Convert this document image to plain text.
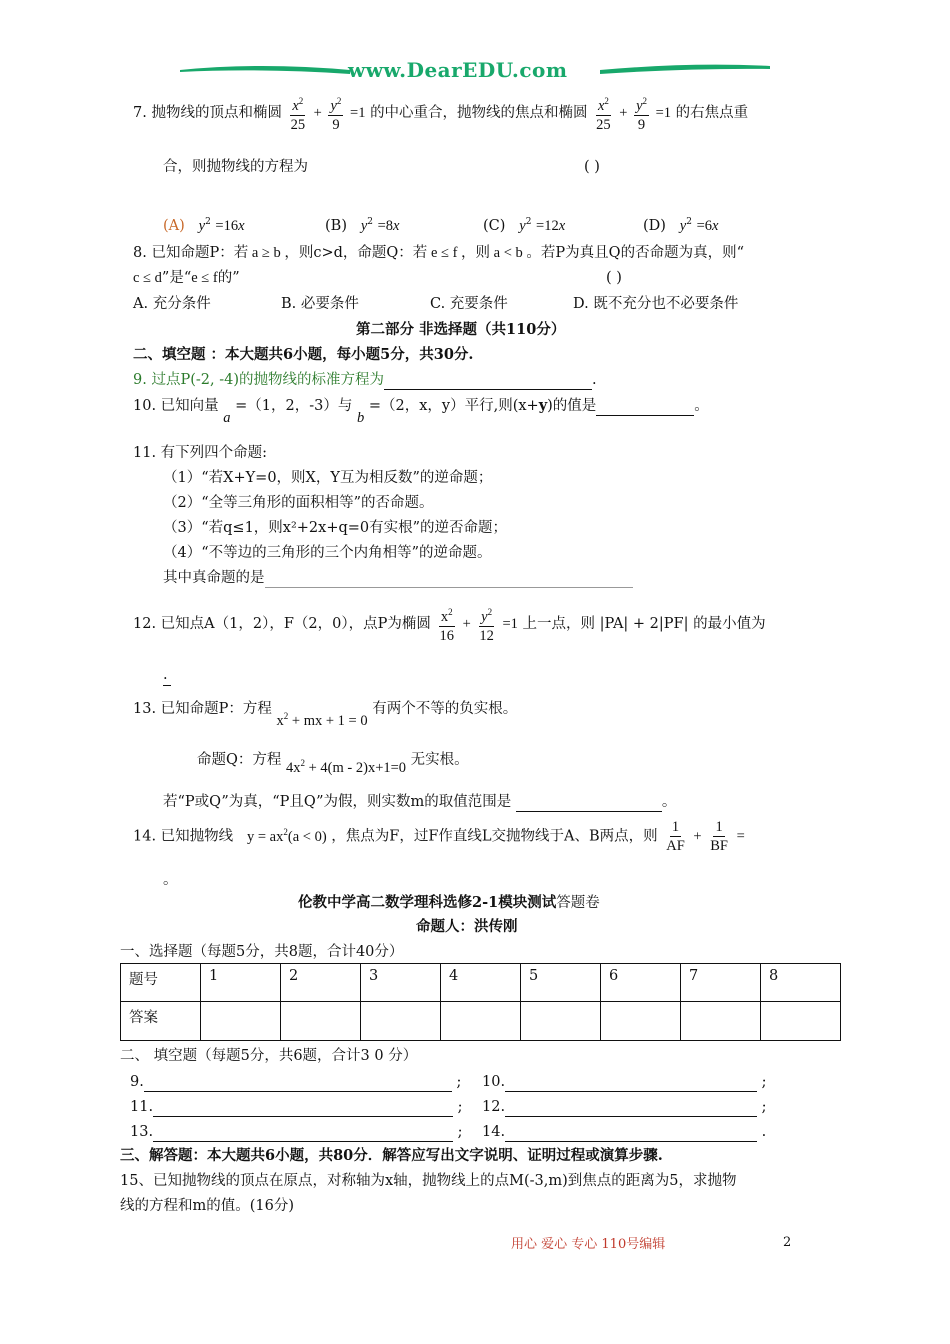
www.DearEDU.com
7. 抛物线的顶点和椭圆 $\frac{x^2}{25} + \frac{y^2}{9} =1$ 的中心重合，抛物线的焦点和椭圆 $\frac{x^2}{25} + \frac{y^2}{9} =1$ 的右焦点重
合，则抛物线的方程为	( )
(A) $y^2 =16x$	(B) $y^2 =8x$	(C) $y^2 =12x$	(D) $y^2 =6x$
8. 已知命题P：若 a ≥ b ，则c>d，命题Q：若 e ≤ f ，则 a < b 。若P为真且Q的否命题为真，则“
c ≤ d”是“e ≤ f的”	( )
A. 充分条件	B. 必要条件	C. 充要条件	D. 既不充分也不必要条件
第二部分 非选择题（共110分）
二、填空题 ：本大题共6小题，每小题5分，共30分.
9. 过点P(-2, -4)的抛物线的标准方程为	.
10. 已知向量 a =（1，2，-3）与 b =（2，x，y）平行,则(x+y)的值是	。
11. 有下列四个命题:
（1）“若X+Y=0，则X，Y互为相反数”的逆命题；
（2）“全等三角形的面积相等”的否命题。
（3）“若q≤1，则x²+2x+q=0有实根”的逆否命题；
（4）“不等边的三角形的三个内角相等”的逆命题。
其中真命题的是
12. 已知点A（1，2），F（2，0），点P为椭圆 $\frac{x^2}{16} + \frac{y^2}{12} =1$ 上一点，则 |PA| + 2|PF| 的最小值为
.
13. 已知命题P：方程 $x^2$ + mx + 1 = 0 有两个不等的负实根。
命题Q：方程 $4x^2 + 4(m - 2)x+1=0$ 无实根。
若“P或Q”为真，“P且Q”为假，则实数m的取值范围是	。
14. 已知抛物线 $y = ax^2(a < 0)$ ，焦点为F，过F作直线L交抛物线于A、B两点，则 $\frac{1}{AF} + \frac{1}{BF}$ =
。
伦教中学高二数学理科选修2-1模块测试答题卷
命题人：洪传刚
一、选择题（每题5分，共8题，合计40分）
题号	1	2	3	4	5	6	7	8
答案								
二、 填空题（每题5分，共6题，合计3 0 分）
9.	; 10.	;
11.	; 12.	;
13.	; 14.	.
三、解答题：本大题共6小题，共80分．解答应写出文字说明、证明过程或演算步骤.
15、已知抛物线的顶点在原点，对称轴为x轴，抛物线上的点M(-3,m)到焦点的距离为5，求抛物
线的方程和m的值。(16分)
用心 爱心 专心 110号编辑	2
